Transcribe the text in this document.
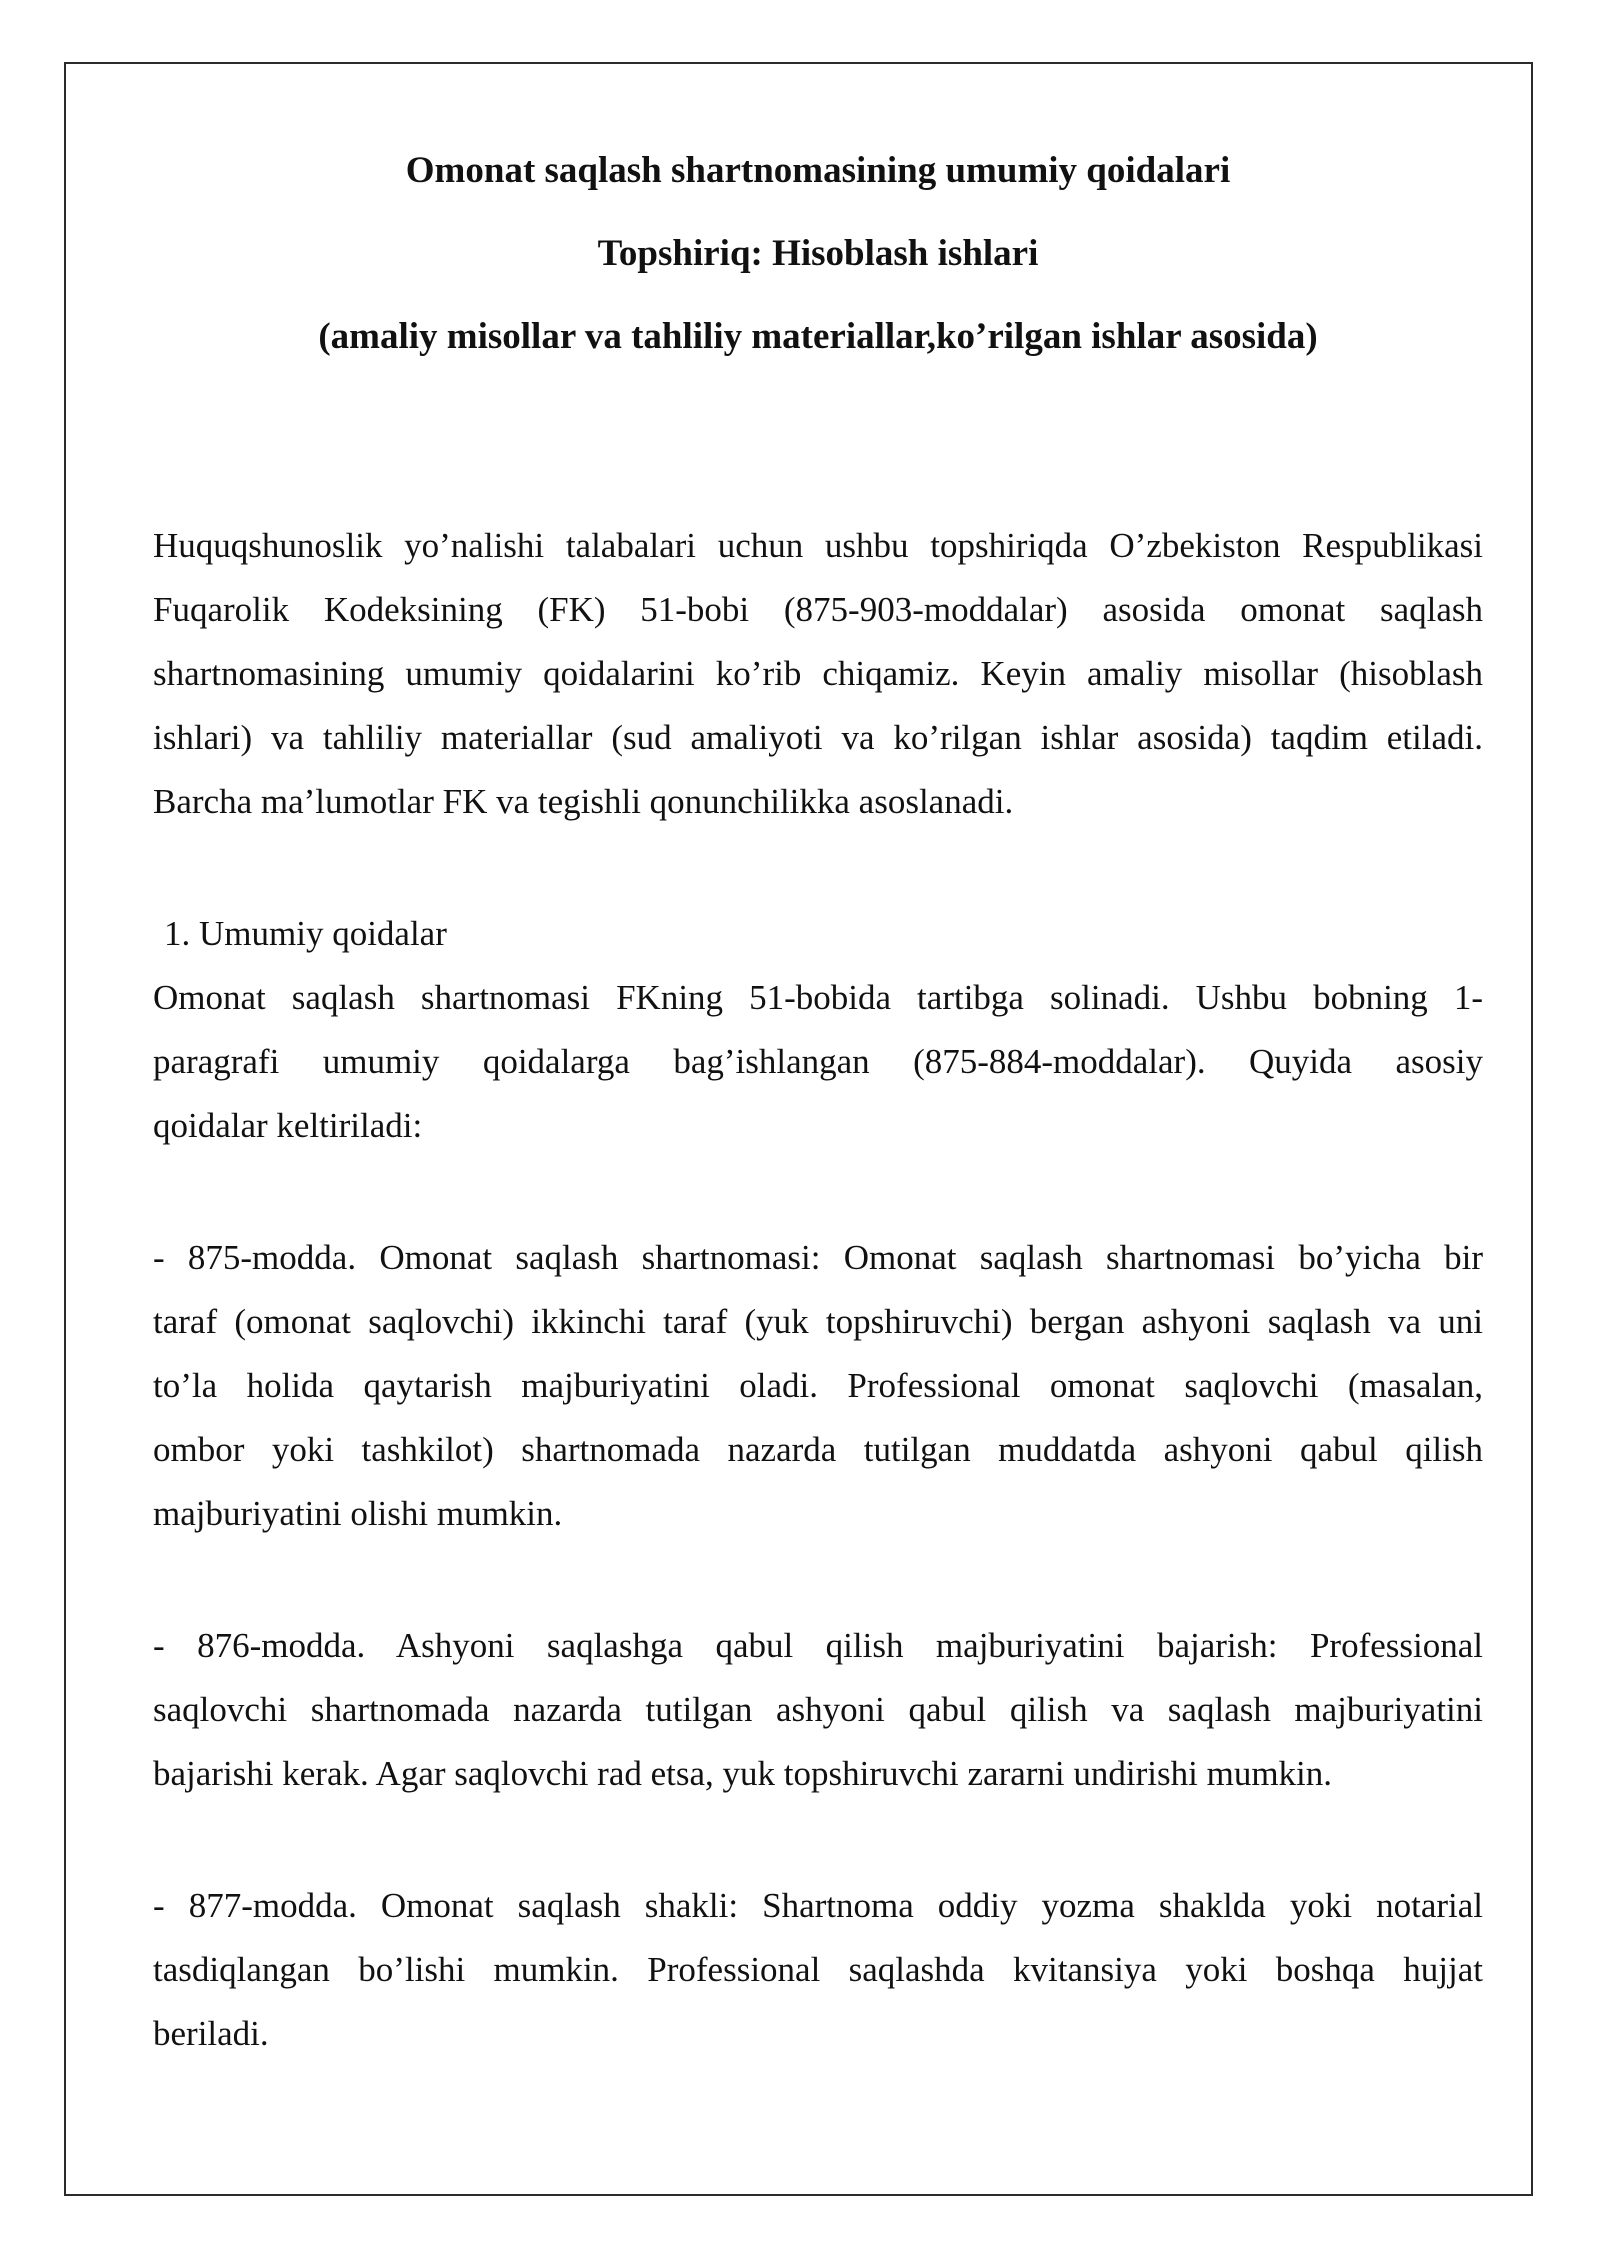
Omonat saqlash shartnomasining umumiy qoidalari
Topshiriq: Hisoblash ishlari
(amaliy misollar va tahliliy materiallar,ko’rilgan ishlar asosida)
Huquqshunoslik yo’nalishi talabalari uchun ushbu topshiriqda O’zbekiston Respublikasi
Fuqarolik Kodeksining (FK) 51-bobi (875-903-moddalar) asosida omonat saqlash
shartnomasining umumiy qoidalarini ko’rib chiqamiz. Keyin amaliy misollar (hisoblash
ishlari) va tahliliy materiallar (sud amaliyoti va ko’rilgan ishlar asosida) taqdim etiladi.
Barcha ma’lumotlar FK va tegishli qonunchilikka asoslanadi.
1. Umumiy qoidalar
Omonat saqlash shartnomasi FKning 51-bobida tartibga solinadi. Ushbu bobning 1-
paragrafi umumiy qoidalarga bag’ishlangan (875-884-moddalar). Quyida asosiy
qoidalar keltiriladi:
- 875-modda. Omonat saqlash shartnomasi: Omonat saqlash shartnomasi bo’yicha bir
taraf (omonat saqlovchi) ikkinchi taraf (yuk topshiruvchi) bergan ashyoni saqlash va uni
to’la holida qaytarish majburiyatini oladi. Professional omonat saqlovchi (masalan,
ombor yoki tashkilot) shartnomada nazarda tutilgan muddatda ashyoni qabul qilish
majburiyatini olishi mumkin.
- 876-modda. Ashyoni saqlashga qabul qilish majburiyatini bajarish: Professional
saqlovchi shartnomada nazarda tutilgan ashyoni qabul qilish va saqlash majburiyatini
bajarishi kerak. Agar saqlovchi rad etsa, yuk topshiruvchi zararni undirishi mumkin.
- 877-modda. Omonat saqlash shakli: Shartnoma oddiy yozma shaklda yoki notarial
tasdiqlangan bo’lishi mumkin. Professional saqlashda kvitansiya yoki boshqa hujjat
beriladi.
